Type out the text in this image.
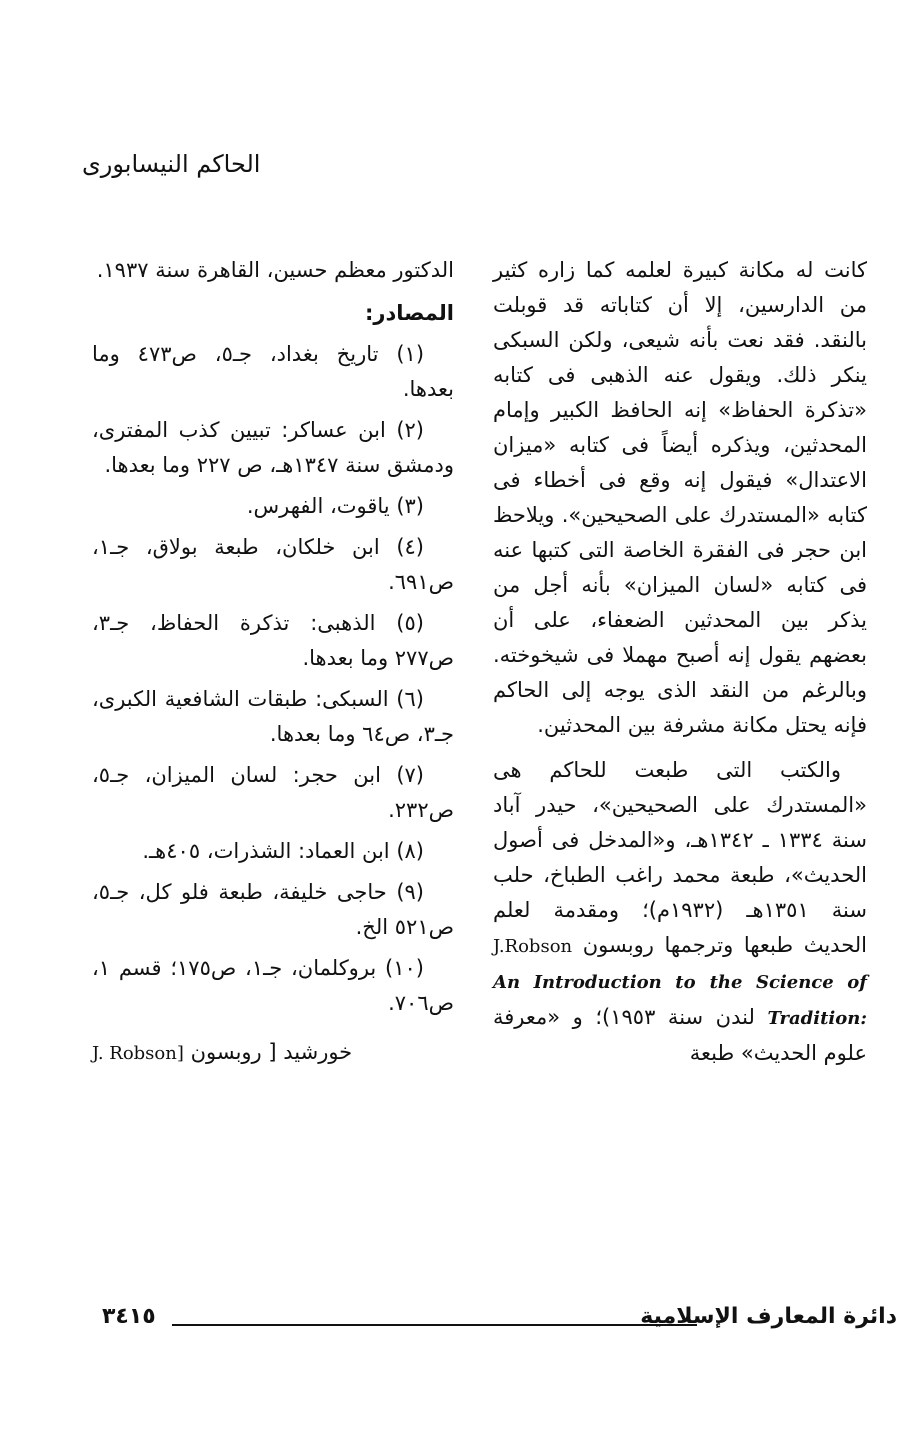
الحاكم النيسابورى

كانت له مكانة كبيرة لعلمه كما زاره كثير من الدارسين، إلا أن كتاباته قد قوبلت بالنقد. فقد نعت بأنه شيعى، ولكن السبكى ينكر ذلك. ويقول عنه الذهبى فى كتابه «تذكرة الحفاظ» إنه الحافظ الكبير وإمام المحدثين، ويذكره أيضاً فى كتابه «ميزان الاعتدال» فيقول إنه وقع فى أخطاء فى كتابه «المستدرك على الصحيحين». ويلاحظ ابن حجر فى الفقرة الخاصة التى كتبها عنه فى كتابه «لسان الميزان» بأنه أجل من يذكر بين المحدثين الضعفاء، على أن بعضهم يقول إنه أصبح مهملا فى شيخوخته. وبالرغم من النقد الذى يوجه إلى الحاكم فإنه يحتل مكانة مشرفة بين المحدثين.

والكتب التى طبعت للحاكم هى «المستدرك على الصحيحين»، حيدر آباد سنة ١٣٣٤ ـ ١٣٤٢هـ، و«المدخل فى أصول الحديث»، طبعة محمد راغب الطباخ، حلب سنة ١٣٥١هـ (١٩٣٢م)؛ ومقدمة لعلم الحديث طبعها وترجمها روبسون J.Robson An Introduction to the Science of Tradition: لندن سنة ١٩٥٣)؛ و «معرفة علوم الحديث» طبعة

الدكتور معظم حسين، القاهرة سنة ١٩٣٧.

المصادر:

(١) تاريخ بغداد، جـ٥، ص٤٧٣ وما بعدها.

(٢) ابن عساكر: تبيين كذب المفترى، ودمشق سنة ١٣٤٧هـ، ص ٢٢٧ وما بعدها.

(٣) ياقوت، الفهرس.

(٤) ابن خلكان، طبعة بولاق، جـ١، ص٦٩١.

(٥) الذهبى: تذكرة الحفاظ، جـ٣، ص٢٧٧ وما بعدها.

(٦) السبكى: طبقات الشافعية الكبرى، جـ٣، ص٦٤ وما بعدها.

(٧) ابن حجر: لسان الميزان، جـ٥، ص٢٣٢.

(٨) ابن العماد: الشذرات، ٤٠٥هـ.

(٩) حاجى خليفة، طبعة فلو كل، جـ٥، ص٥٢١ الخ.

(١٠) بروكلمان، جـ١، ص١٧٥؛ قسم ١، ص٧٠٦.

خورشيد [ روبسون J. Robson]

دائرة المعارف الإسلامية
٣٤١٥
